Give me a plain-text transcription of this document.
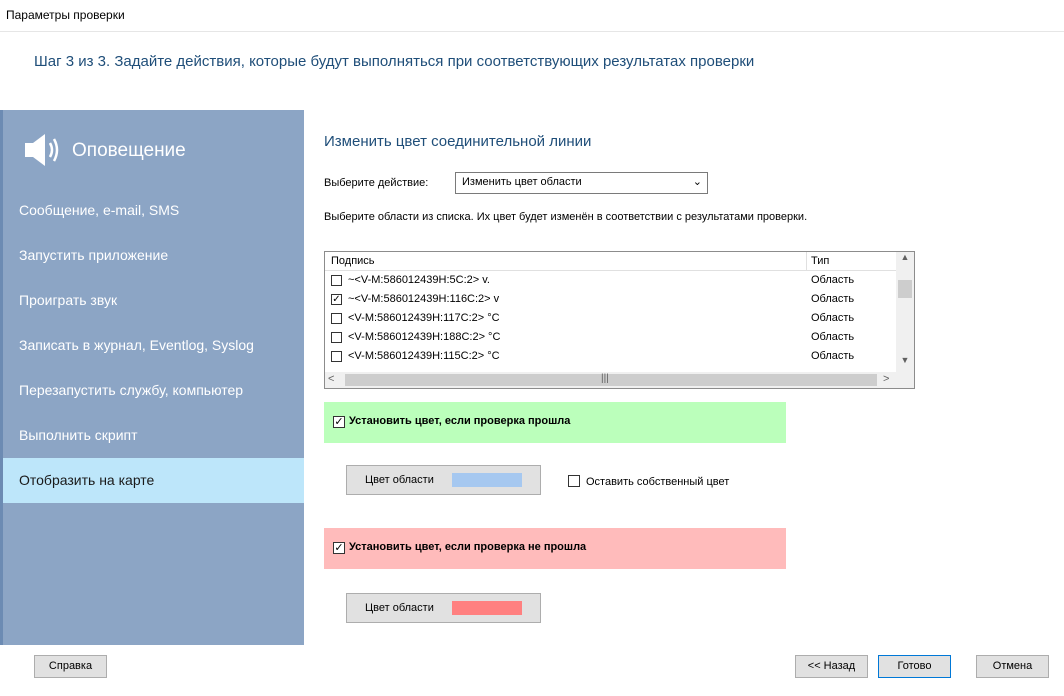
Параметры проверки
Шаг 3 из 3. Задайте действия, которые будут выполняться при соответствующих результатах проверки
Оповещение
Сообщение, e-mail, SMS
Запустить приложение
Проиграть звук
Записать в журнал, Eventlog, Syslog
Перезапустить службу, компьютер
Выполнить скрипт
Отобразить на карте
Изменить цвет соединительной линии
Выберите действие:	Изменить цвет области	⌄
Выберите области из списка. Их цвет будет изменён в соответствии с результатами проверки.
Подпись	Тип
~<V-M:586012439H:5C:2> v.	Область
✓ ~<V-M:586012439H:116C:2> v	Область
<V-M:586012439H:117C:2> °C	Область
<V-M:586012439H:188C:2> °C	Область
<V-M:586012439H:115C:2> °C	Область
▲
▼
<	|||	>
✓ Установить цвет, если проверка прошла
Цвет области	Оставить собственный цвет
✓ Установить цвет, если проверка не прошла
Цвет области
Справка	<< Назад	Готово	Отмена
